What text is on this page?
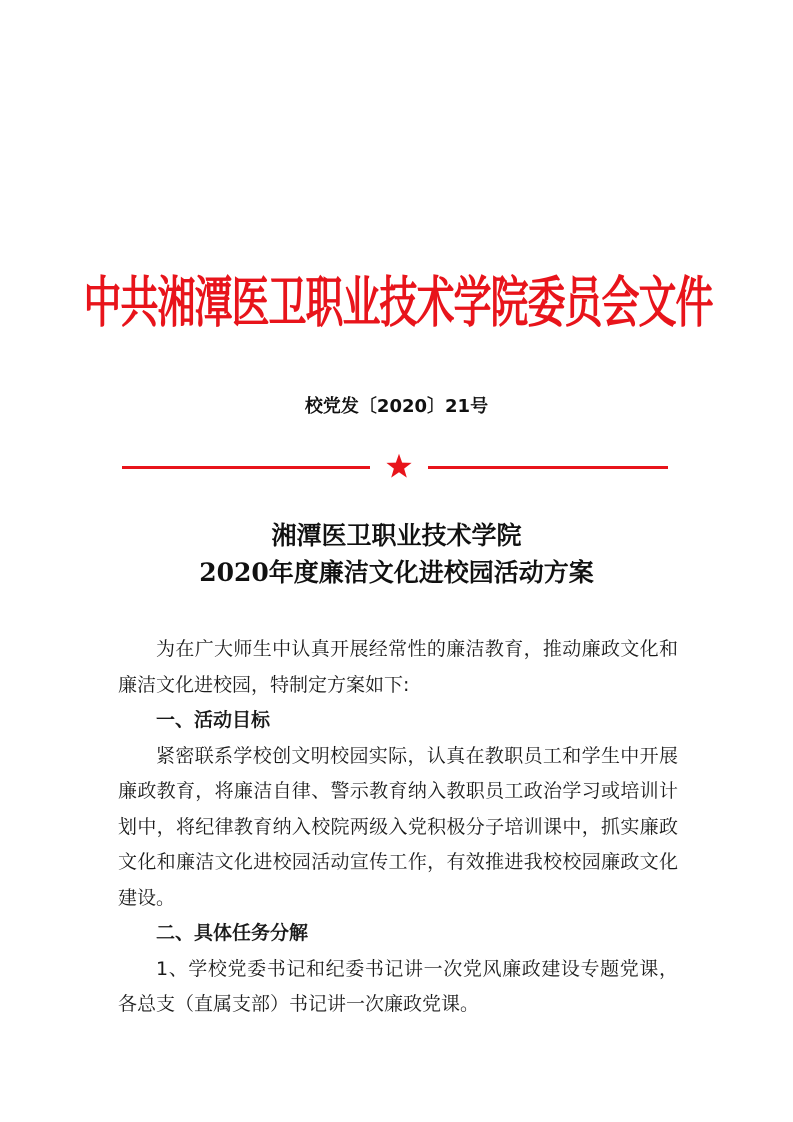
中共湘潭医卫职业技术学院委员会文件
校党发〔2020〕21号
湘潭医卫职业技术学院
2020年度廉洁文化进校园活动方案

为在广大师生中认真开展经常性的廉洁教育，推动廉政文化和廉洁文化进校园，特制定方案如下:

一、活动目标

紧密联系学校创文明校园实际，认真在教职员工和学生中开展廉政教育，将廉洁自律、警示教育纳入教职员工政治学习或培训计划中，将纪律教育纳入校院两级入党积极分子培训课中，抓实廉政文化和廉洁文化进校园活动宣传工作，有效推进我校校园廉政文化建设。

二、具体任务分解

1、学校党委书记和纪委书记讲一次党风廉政建设专题党课，各总支（直属支部）书记讲一次廉政党课。
